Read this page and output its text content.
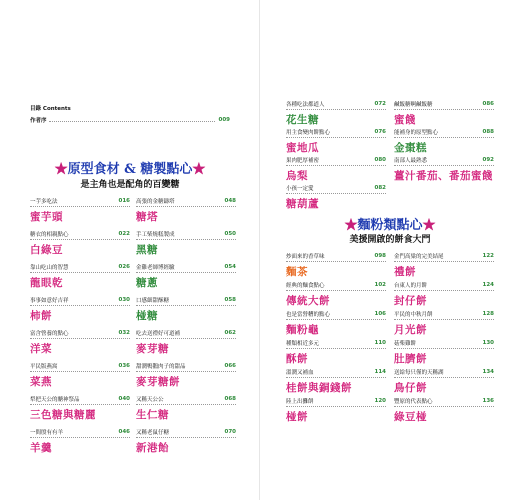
目錄 Contents
作者序	009
★原型食材 & 糖製點心★
是主角也是配角的百變糖
一芋多吃法	016
蜜芋頭
糖衣的相親點心	022
白綠豆
靠山吃山的智慧	026
龍眼乾
事事如意好吉祥	030
柿餅
富含營養的點心	032
洋菜
平民版燕窩	036
菜燕
犁把天公的醣神祭品	040
三色糖與糖麗
一間殷有有羊	046
羊羹
高張的金糖鑄塔	048
糖塔
手工柴燒糕製成	050
黑糖
金雞老師博經驗	054
糖蔥
口感細甜酥糖	058
椪糖
吃去送禮好可道補	062
麥芽糖
甜潤鴨鵝肉子的甜品	066
麥芽糖餅
又稱天公公	068
生仁糖
又稱老鼠仔糖	070
新港飴
各種吃法都道人	072
花生糖
用主食變肉餅點心	076
蜜地瓜
果肉肥厚補密	080
烏梨
小孩一定愛	082
糖葫蘆
鹹飯糖啊鹹飯糖	086
蜜餞
能補身的原型點心	088
金棗糕
南部人最熟悉	092
薑汁番茄、番茄蜜餞
★麵粉類點心★
美援開啟的餅食大門
炒面來的香草味	098
麵茶
經典的麵食點心	102
傳統大餅
也是當營糟的點心	106
麵粉龜
種類相近多元	110
酥餅
溫潤又補血	114
桂餅與銅錢餅
陸上出攤餅	120
椪餅
金門高粱的完美結尾	122
禮餅
台東人的月餅	124
封仔餅
平民的中秋月餅	128
月光餅
菇柴雞餅	130
肚臍餅
送給每只僅的天稱湖	134
鳥仔餅
豐原的代表點心	136
綠豆椪
